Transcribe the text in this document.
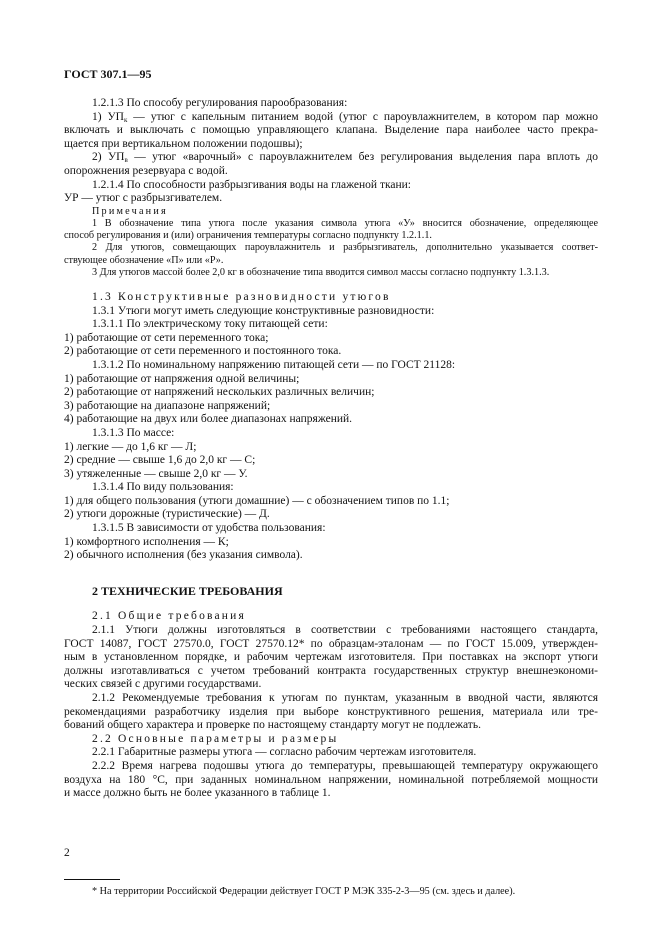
ГОСТ 307.1—95
1.2.1.3 По способу регулирования парообразования:
1) $УП_к$ — утюг с капельным питанием водой (утюг с пароувлажнителем, в котором пар можно
включать и выключать с помощью управляющего клапана. Выделение пара наиболее часто прекра-
щается при вертикальном положении подошвы);
2) $УП_в$ — утюг «варочный» с пароувлажнителем без регулирования выделения пара вплоть до
опорожнения резервуара с водой.
1.2.1.4 По способности разбрызгивания воды на глаженой ткани:
УР — утюг с разбрызгивателем.
Примечания
1 В обозначение типа утюга после указания символа утюга «У» вносится обозначение, определяющее
способ регулирования и (или) ограничения температуры согласно подпункту 1.2.1.1.
2 Для утюгов, совмещающих пароувлажнитель и разбрызгиватель, дополнительно указывается соответ-
ствующее обозначение «П» или «Р».
3 Для утюгов массой более 2,0 кг в обозначение типа вводится символ массы согласно подпункту 1.3.1.3.
1.3 Конструктивные разновидности утюгов
1.3.1 Утюги могут иметь следующие конструктивные разновидности:
1.3.1.1 По электрическому току питающей сети:
1) работающие от сети переменного тока;
2) работающие от сети переменного и постоянного тока.
1.3.1.2 По номинальному напряжению питающей сети — по ГОСТ 21128:
1) работающие от напряжения одной величины;
2) работающие от напряжений нескольких различных величин;
3) работающие на диапазоне напряжений;
4) работающие на двух или более диапазонах напряжений.
1.3.1.3 По массе:
1) легкие — до 1,6 кг — Л;
2) средние — свыше 1,6 до 2,0 кг — С;
3) утяжеленные — свыше 2,0 кг — У.
1.3.1.4 По виду пользования:
1) для общего пользования (утюги домашние) — с обозначением типов по 1.1;
2) утюги дорожные (туристические) — Д.
1.3.1.5 В зависимости от удобства пользования:
1) комфортного исполнения — К;
2) обычного исполнения (без указания символа).
2 ТЕХНИЧЕСКИЕ ТРЕБОВАНИЯ
2.1 Общие требования
2.1.1 Утюги должны изготовляться в соответствии с требованиями настоящего стандарта,
ГОСТ 14087, ГОСТ 27570.0, ГОСТ 27570.12* по образцам-эталонам — по ГОСТ 15.009, утвержден-
ным в установленном порядке, и рабочим чертежам изготовителя. При поставках на экспорт утюги
должны изготавливаться с учетом требований контракта государственных структур внешнеэкономи-
ческих связей с другими государствами.
2.1.2 Рекомендуемые требования к утюгам по пунктам, указанным в вводной части, являются
рекомендациями разработчику изделия при выборе конструктивного решения, материала или тре-
бований общего характера и проверке по настоящему стандарту могут не подлежать.
2.2 Основные параметры и размеры
2.2.1 Габаритные размеры утюга — согласно рабочим чертежам изготовителя.
2.2.2 Время нагрева подошвы утюга до температуры, превышающей температуру окружающего
воздуха на 180 °C, при заданных номинальном напряжении, номинальной потребляемой мощности
и массе должно быть не более указанного в таблице 1.
* На территории Российской Федерации действует ГОСТ Р МЭК 335-2-3—95 (см. здесь и далее).
2
